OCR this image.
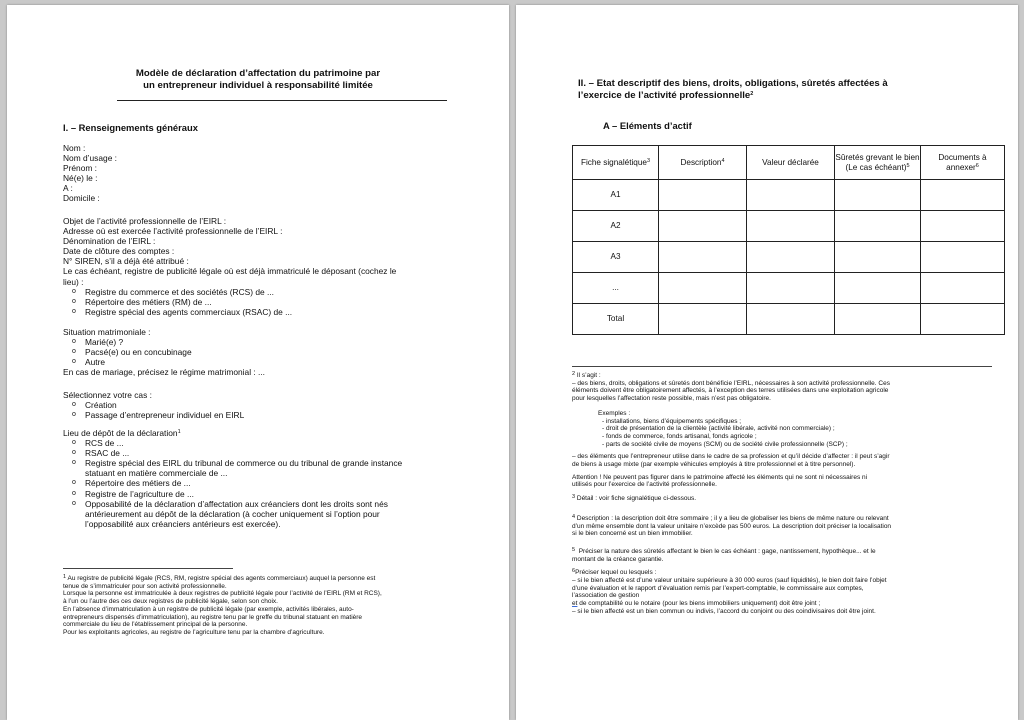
Modèle de déclaration d’affectation du patrimoine par
un entrepreneur individuel à responsabilité limitée
I. – Renseignements généraux
Nom :
Nom d’usage :
Prénom :
Né(e) le :
A :
Domicile :
Objet de l’activité professionnelle de l’EIRL :
Adresse où est exercée l’activité professionnelle de l’EIRL :
Dénomination de l’EIRL :
Date de clôture des comptes :
N° SIREN, s’il a déjà été attribué :
Le cas échéant, registre de publicité légale où est déjà immatriculé le déposant (cochez le
lieu) :
o Registre du commerce et des sociétés (RCS) de ...
o Répertoire des métiers (RM) de ...
o Registre spécial des agents commerciaux (RSAC) de ...
Situation matrimoniale :
o Marié(e) ?
o Pacsé(e) ou en concubinage
o Autre
En cas de mariage, précisez le régime matrimonial : ...
Sélectionnez votre cas :
o Création
o Passage d’entrepreneur individuel en EIRL
Lieu de dépôt de la déclaration$^1$
o RCS de ...
o RSAC de ...
o Registre spécial des EIRL du tribunal de commerce ou du tribunal de grande instance
statuant en matière commerciale de ...
o Répertoire des métiers de ...
o Registre de l’agriculture de ...
o Opposabilité de la déclaration d’affectation aux créanciers dont les droits sont nés
antérieurement au dépôt de la déclaration (à cocher uniquement si l’option pour
l’opposabilité aux créanciers antérieurs est exercée).
$^1$ Au registre de publicité légale (RCS, RM, registre spécial des agents commerciaux) auquel la personne est
tenue de s’immatriculer pour son activité professionnelle.
Lorsque la personne est immatriculée à deux registres de publicité légale pour l’activité de l’EIRL (RM et RCS),
à l’un ou l’autre des ces deux registres de publicité légale, selon son choix.
En l’absence d’immatriculation à un registre de publicité légale (par exemple, activités libérales, auto-
entrepreneurs dispensés d’immatriculation), au registre tenu par le greffe du tribunal statuant en matière
commerciale du lieu de l’établissement principal de la personne.
Pour les exploitants agricoles, au registre de l’agriculture tenu par la chambre d’agriculture.
II. – Etat descriptif des biens, droits, obligations, sûretés affectées à
l’exercice de l’activité professionnelle$^2$
A – Eléments d’actif
Fiche signalétique$^3$	Description$^4$	Valeur déclarée	Sûretés grevant le bien (Le cas échéant)$^5$	Documents à annexer$^6$
A1				
A2				
A3				
...				
Total				
$^2$ Il s’agit :
– des biens, droits, obligations et sûretés dont bénéficie l’EIRL, nécessaires à son activité professionnelle. Ces
éléments doivent être obligatoirement affectés, à l’exception des terres utilisées dans une exploitation agricole
pour lesquelles l’affectation reste possible, mais n’est pas obligatoire.
Exemples :
- installations, biens d’équipements spécifiques ;
- droit de présentation de la clientèle (activité libérale, activité non commerciale) ;
- fonds de commerce, fonds artisanal, fonds agricole ;
- parts de société civile de moyens (SCM) ou de société civile professionnelle (SCP) ;
– des éléments que l’entrepreneur utilise dans le cadre de sa profession et qu’il décide d’affecter : il peut s’agir
de biens à usage mixte (par exemple véhicules employés à titre professionnel et à titre personnel).
Attention ! Ne peuvent pas figurer dans le patrimoine affecté les éléments qui ne sont ni nécessaires ni
utilisés pour l’exercice de l’activité professionnelle.
$^3$ Détail : voir fiche signalétique ci-dessous.
$^4$ Description : la description doit être sommaire ; il y a lieu de globaliser les biens de même nature ou relevant
d’un même ensemble dont la valeur unitaire n’excède pas 500 euros. La description doit préciser la localisation
si le bien concerné est un bien immobilier.
$^5$ Préciser la nature des sûretés affectant le bien le cas échéant : gage, nantissement, hypothèque... et le
montant de la créance garantie.
$^6$Préciser lequel ou lesquels :
– si le bien affecté est d’une valeur unitaire supérieure à 30 000 euros (sauf liquidités), le bien doit faire l’objet
d’une évaluation et le rapport d’évaluation remis par l’expert-comptable, le commissaire aux comptes,
l’association de gestion
et de comptabilité ou le notaire (pour les biens immobiliers uniquement) doit être joint ;
– si le bien affecté est un bien commun ou indivis, l’accord du conjoint ou des coindivisaires doit être joint.
